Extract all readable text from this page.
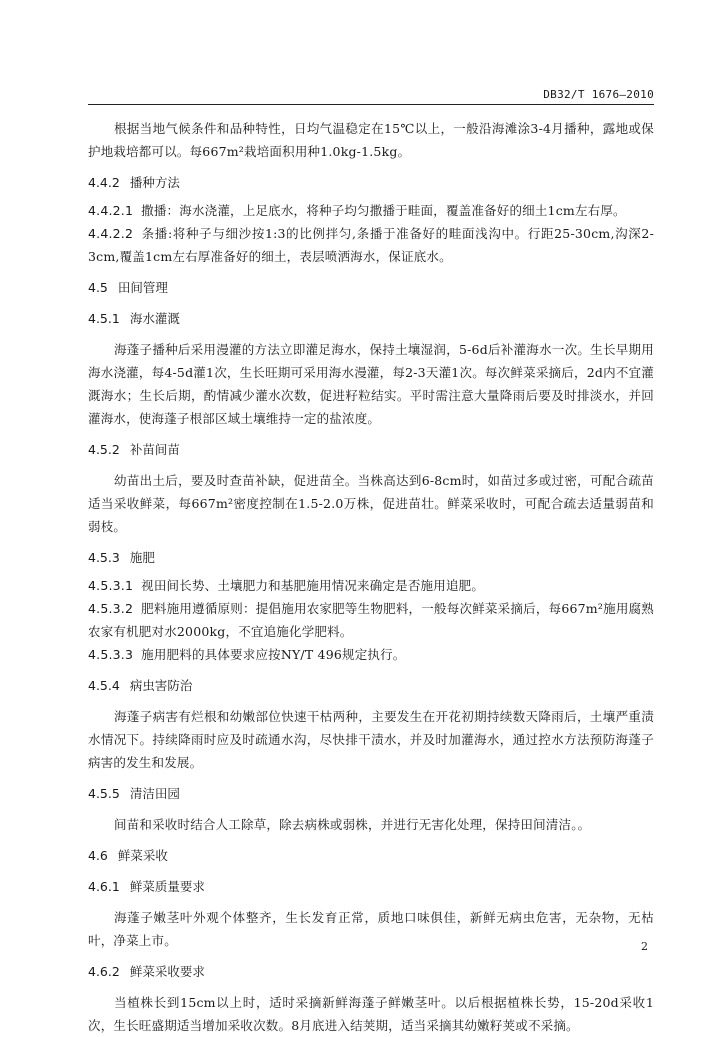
DB32/T 1676—2010

根据当地气候条件和品种特性，日均气温稳定在15℃以上，一般沿海滩涂3-4月播种，露地或保护地栽培都可以。每667m²栽培面积用种1.0kg-1.5kg。

4.4.2 播种方法

4.4.2.1 撒播：海水浇灌，上足底水，将种子均匀撒播于畦面，覆盖准备好的细土1cm左右厚。

4.4.2.2 条播:将种子与细沙按1:3的比例拌匀,条播于准备好的畦面浅沟中。行距25-30cm,沟深2-3cm,覆盖1cm左右厚准备好的细土，表层喷洒海水，保证底水。

4.5 田间管理

4.5.1 海水灌溉

海蓬子播种后采用漫灌的方法立即灌足海水，保持土壤湿润，5-6d后补灌海水一次。生长早期用海水浇灌，每4-5d灌1次，生长旺期可采用海水漫灌，每2-3天灌1次。每次鲜菜采摘后，2d内不宜灌溉海水；生长后期，酌情减少灌水次数，促进籽粒结实。平时需注意大量降雨后要及时排淡水，并回灌海水，使海蓬子根部区域土壤维持一定的盐浓度。

4.5.2 补苗间苗

幼苗出土后，要及时查苗补缺，促进苗全。当株高达到6-8cm时，如苗过多或过密，可配合疏苗适当采收鲜菜，每667m²密度控制在1.5-2.0万株，促进苗壮。鲜菜采收时，可配合疏去适量弱苗和弱枝。

4.5.3 施肥

4.5.3.1 视田间长势、土壤肥力和基肥施用情况来确定是否施用追肥。

4.5.3.2 肥料施用遵循原则：提倡施用农家肥等生物肥料，一般每次鲜菜采摘后，每667m²施用腐熟农家有机肥对水2000kg，不宜追施化学肥料。

4.5.3.3 施用肥料的具体要求应按NY/T 496规定执行。

4.5.4 病虫害防治

海蓬子病害有烂根和幼嫩部位快速干枯两种，主要发生在开花初期持续数天降雨后，土壤严重渍水情况下。持续降雨时应及时疏通水沟，尽快排干渍水，并及时加灌海水，通过控水方法预防海蓬子病害的发生和发展。

4.5.5 清洁田园

间苗和采收时结合人工除草，除去病株或弱株，并进行无害化处理，保持田间清洁。。

4.6 鲜菜采收

4.6.1 鲜菜质量要求

海蓬子嫩茎叶外观个体整齐，生长发育正常，质地口味俱佳，新鲜无病虫危害，无杂物，无枯叶，净菜上市。

4.6.2 鲜菜采收要求

当植株长到15cm以上时，适时采摘新鲜海蓬子鲜嫩茎叶。以后根据植株长势，15-20d采收1次，生长旺盛期适当增加采收次数。8月底进入结荚期，适当采摘其幼嫩籽荚或不采摘。

2
